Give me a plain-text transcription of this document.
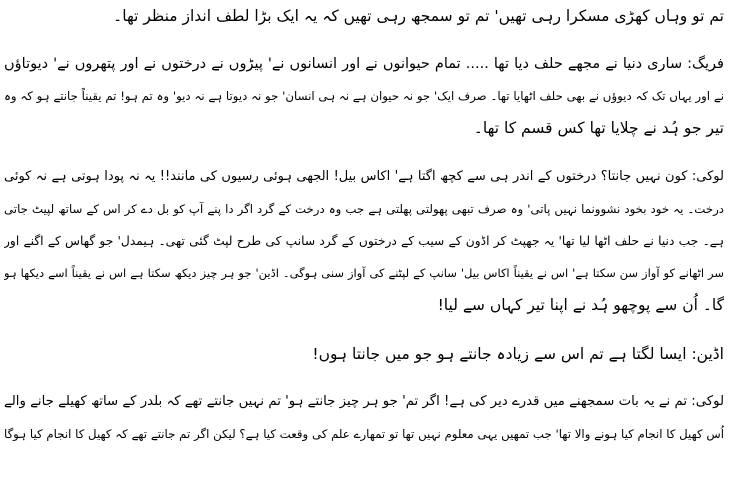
تم تو وہاں کھڑی مسکرا رہی تھیں' تم تو سمجھ رہی تھیں کہ یہ ایک بڑا لطف انداز منظر تھا۔
فریگ: ساری دنیا نے مجھے حلف دیا تھا ..... تمام حیوانوں نے اور انسانوں نے' پیڑوں نے درختوں نے اور پتھروں نے' دیوتاؤں
نے اور یہاں تک کہ دیوؤں نے بھی حلف اٹھایا تھا۔ صرف ایک' جو نہ حیوان ہے نہ ہی انسان' جو نہ دیوتا ہے نہ دیو' وہ تم ہو! تم یقیناً جانتے ہو کہ وہ
تیر جو ہُد نے چلایا تھا کس قسم کا تھا۔
لوکی: کون نہیں جانتا؟ درختوں کے اندر ہی سے کچھ اگتا ہے' اکاس بیل! الجھی ہوئی رسیوں کی مانند!! یہ نہ پودا ہوتی ہے نہ کوئی
درخت۔ یہ خود بخود نشوونما نہیں پاتی' وہ صرف تبھی پھولتی پھلتی ہے جب وہ درخت کے گرد اگر دا پنے آپ کو بل دے کر اس کے ساتھ لپیٹ جاتی
ہے۔ جب دنیا نے حلف اٹھا لیا تھا' یہ جھپٹ کر اڈون کے سیب کے درختوں کے گرد سانپ کی طرح لپٹ گئی تھی۔ ہیمدل' جو گھاس کے اگنے اور
سر اٹھانے کو آواز سن سکتا ہے' اس نے یقیناً اکاس بیل' سانپ کے لپٹنے کی آواز سنی ہوگی۔ اڈین' جو ہر چیز دیکھ سکتا ہے اس نے یقیناً اسے دیکھا ہو
گا۔ اُن سے پوچھو ہُد نے اپنا تیر کہاں سے لیا!
اڈین: ایسا لگتا ہے تم اس سے زیادہ جانتے ہو جو میں جانتا ہوں!
لوکی: تم نے یہ بات سمجھنے میں قدرے دیر کی ہے! اگر تم' جو ہر چیز جانتے ہو' تم نہیں جانتے تھے کہ بلدر کے ساتھ کھیلے جانے والے
اُس کھیل کا انجام کیا ہونے والا تھا' جب تمھیں یہی معلوم نہیں تھا تو تمھارے علم کی وقعت کیا ہے؟ لیکن اگر تم جانتے تھے کہ کھیل کا انجام کیا ہوگا
